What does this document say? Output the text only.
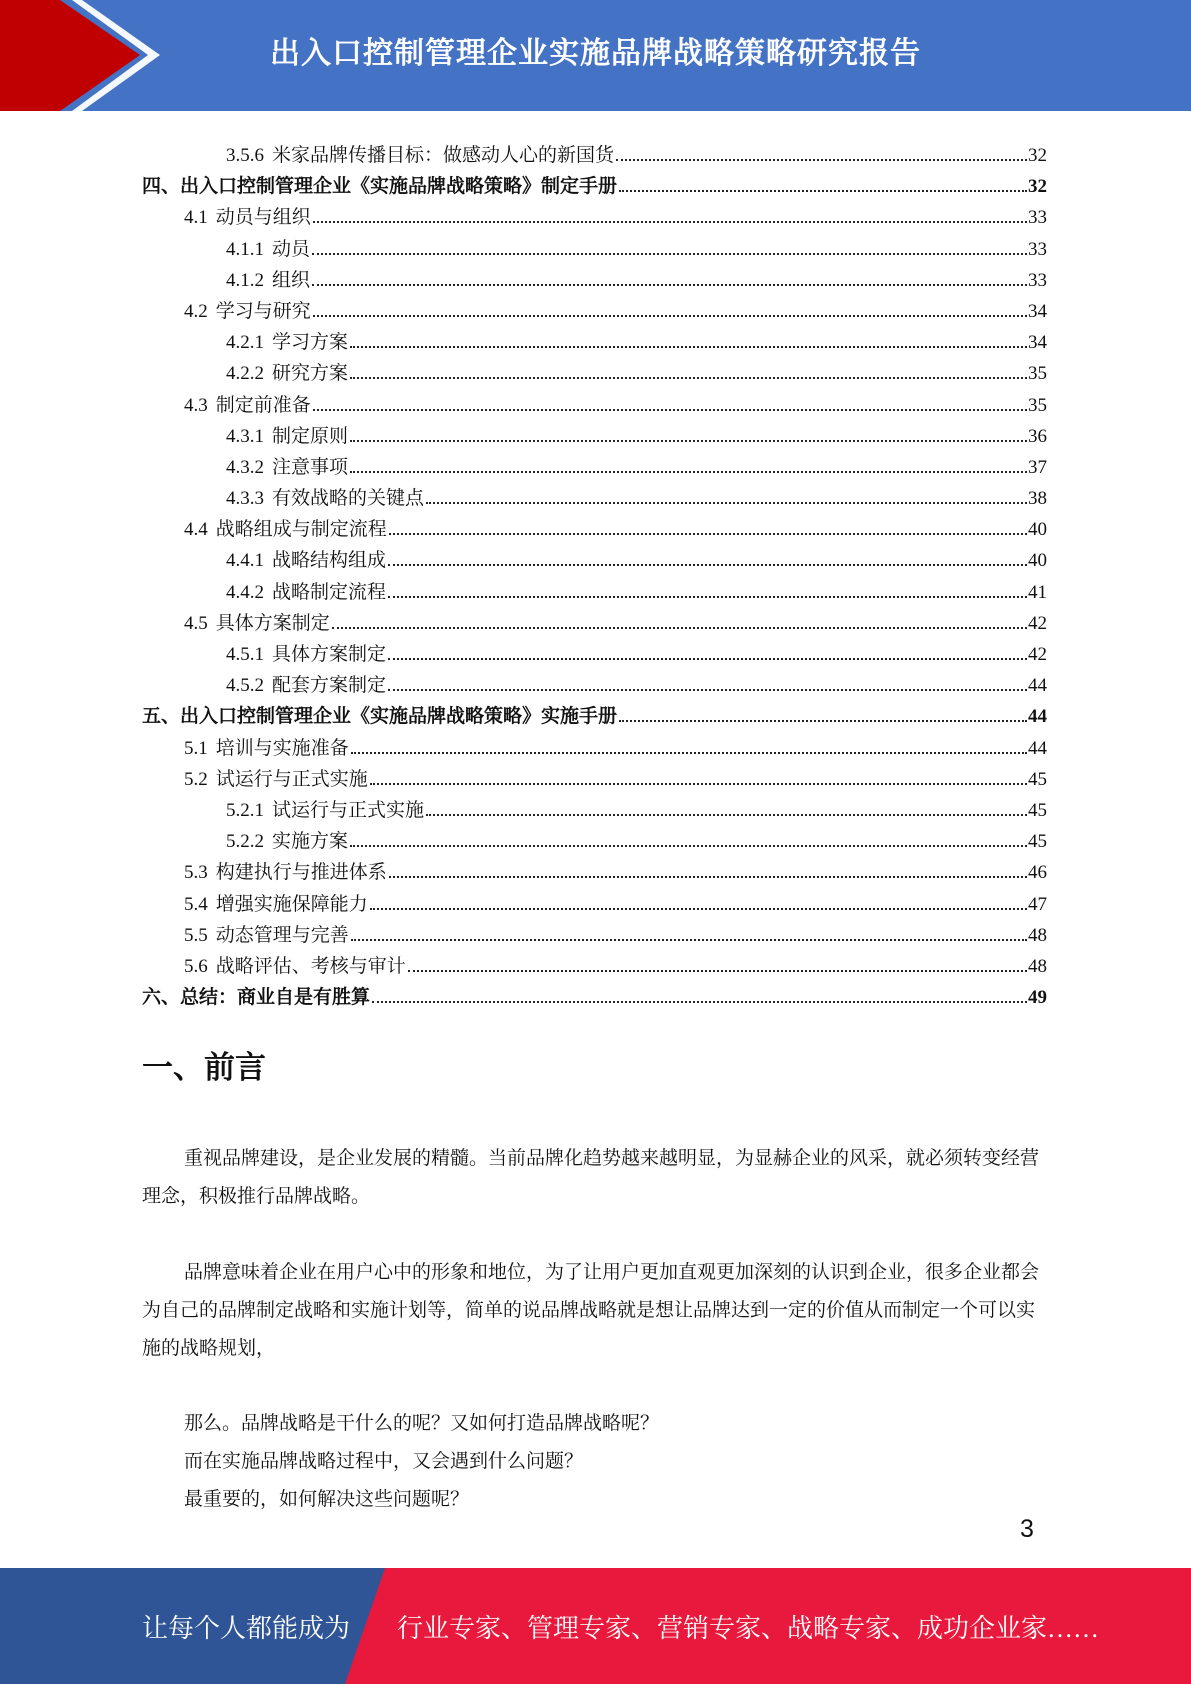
出入口控制管理企业实施品牌战略策略研究报告
3.5.6 米家品牌传播目标：做感动人心的新国货	32
四、出入口控制管理企业《实施品牌战略策略》制定手册	32
4.1 动员与组织	33
4.1.1 动员	33
4.1.2 组织	33
4.2 学习与研究	34
4.2.1 学习方案	34
4.2.2 研究方案	35
4.3 制定前准备	35
4.3.1 制定原则	36
4.3.2 注意事项	37
4.3.3 有效战略的关键点	38
4.4 战略组成与制定流程	40
4.4.1 战略结构组成	40
4.4.2 战略制定流程	41
4.5 具体方案制定	42
4.5.1 具体方案制定	42
4.5.2 配套方案制定	44
五、出入口控制管理企业《实施品牌战略策略》实施手册	44
5.1 培训与实施准备	44
5.2 试运行与正式实施	45
5.2.1 试运行与正式实施	45
5.2.2 实施方案	45
5.3 构建执行与推进体系	46
5.4 增强实施保障能力	47
5.5 动态管理与完善	48
5.6 战略评估、考核与审计	48
六、总结：商业自是有胜算	49
一、前言

重视品牌建设，是企业发展的精髓。当前品牌化趋势越来越明显，为显赫企业的风采，就必须转变经营理念，积极推行品牌战略。

品牌意味着企业在用户心中的形象和地位，为了让用户更加直观更加深刻的认识到企业，很多企业都会为自己的品牌制定战略和实施计划等，简单的说品牌战略就是想让品牌达到一定的价值从而制定一个可以实施的战略规划，

那么。品牌战略是干什么的呢？又如何打造品牌战略呢？

而在实施品牌战略过程中，又会遇到什么问题？

最重要的，如何解决这些问题呢？

3
让每个人都能成为 行业专家、管理专家、营销专家、战略专家、成功企业家……
